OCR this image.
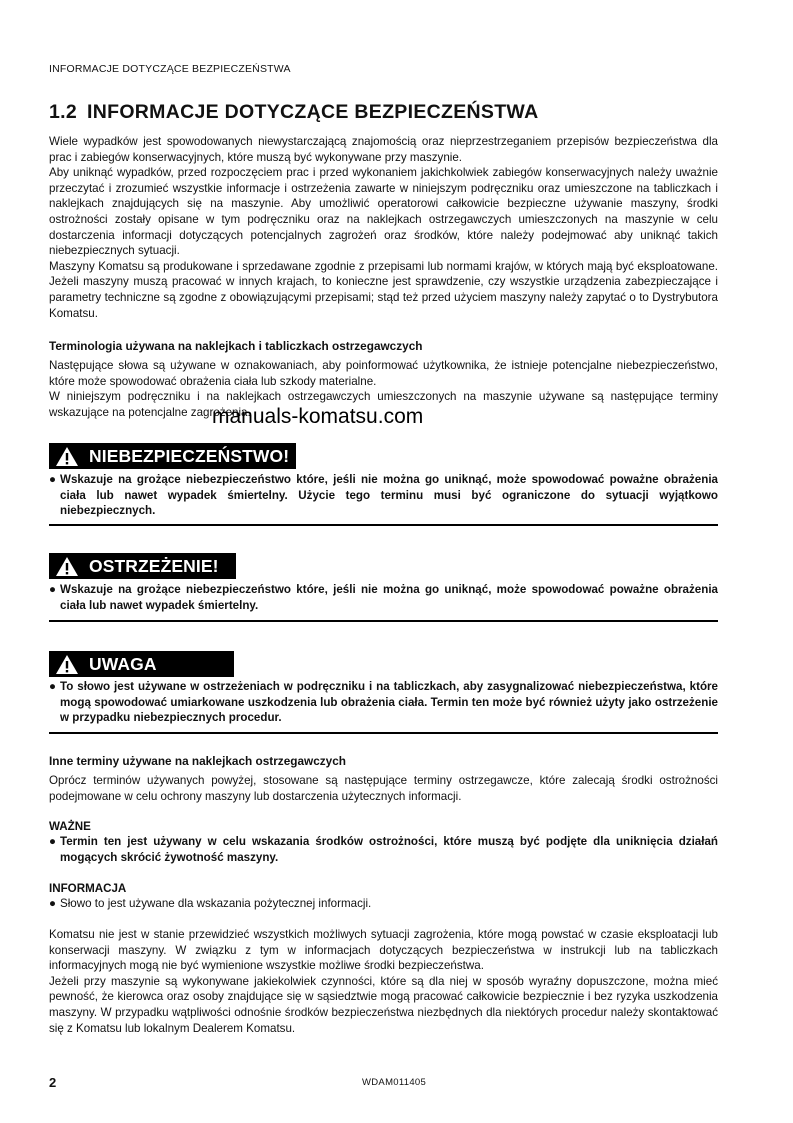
INFORMACJE DOTYCZĄCE BEZPIECZEŃSTWA
1.2 INFORMACJE DOTYCZĄCE BEZPIECZEŃSTWA

Wiele wypadków jest spowodowanych niewystarczającą znajomością oraz nieprzestrzeganiem przepisów bezpieczeństwa dla prac i zabiegów konserwacyjnych, które muszą być wykonywane przy maszynie.

Aby uniknąć wypadków, przed rozpoczęciem prac i przed wykonaniem jakichkolwiek zabiegów konserwacyjnych należy uważnie przeczytać i zrozumieć wszystkie informacje i ostrzeżenia zawarte w niniejszym podręczniku oraz umieszczone na tabliczkach i naklejkach znajdujących się na maszynie. Aby umożliwić operatorowi całkowicie bezpieczne używanie maszyny, środki ostrożności zostały opisane w tym podręczniku oraz na naklejkach ostrzegawczych umieszczonych na maszynie w celu dostarczenia informacji dotyczących potencjalnych zagrożeń oraz środków, które należy podejmować aby uniknąć takich niebezpiecznych sytuacji.

Maszyny Komatsu są produkowane i sprzedawane zgodnie z przepisami lub normami krajów, w których mają być eksploatowane. Jeżeli maszyny muszą pracować w innych krajach, to konieczne jest sprawdzenie, czy wszystkie urządzenia zabezpieczające i parametry techniczne są zgodne z obowiązującymi przepisami; stąd też przed użyciem maszyny należy zapytać o to Dystrybutora Komatsu.

Terminologia używana na naklejkach i tabliczkach ostrzegawczych

Następujące słowa są używane w oznakowaniach, aby poinformować użytkownika, że istnieje potencjalne niebezpieczeństwo, które może spowodować obrażenia ciała lub szkody materialne.

W niniejszym podręczniku i na naklejkach ostrzegawczych umieszczonych na maszynie używane są następujące terminy wskazujące na potencjalne zagrożenia.

manuals-komatsu.com
NIEBEZPIECZEŃSTWO!

● Wskazuje na grożące niebezpieczeństwo które, jeśli nie można go uniknąć, może spowodować poważne obrażenia ciała lub nawet wypadek śmiertelny. Użycie tego terminu musi być ograniczone do sytuacji wyjątkowo niebezpiecznych.

OSTRZEŻENIE!

● Wskazuje na grożące niebezpieczeństwo które, jeśli nie można go uniknąć, może spowodować poważne obrażenia ciała lub nawet wypadek śmiertelny.

UWAGA

● To słowo jest używane w ostrzeżeniach w podręczniku i na tabliczkach, aby zasygnalizować niebezpieczeństwa, które mogą spowodować umiarkowane uszkodzenia lub obrażenia ciała. Termin ten może być również użyty jako ostrzeżenie w przypadku niebezpiecznych procedur.

Inne terminy używane na naklejkach ostrzegawczych

Oprócz terminów używanych powyżej, stosowane są następujące terminy ostrzegawcze, które zalecają środki ostrożności podejmowane w celu ochrony maszyny lub dostarczenia użytecznych informacji.

WAŻNE

● Termin ten jest używany w celu wskazania środków ostrożności, które muszą być podjęte dla uniknięcia działań mogących skrócić żywotność maszyny.

INFORMACJA

● Słowo to jest używane dla wskazania pożytecznej informacji.

Komatsu nie jest w stanie przewidzieć wszystkich możliwych sytuacji zagrożenia, które mogą powstać w czasie eksploatacji lub konserwacji maszyny. W związku z tym w informacjach dotyczących bezpieczeństwa w instrukcji lub na tabliczkach informacyjnych mogą nie być wymienione wszystkie możliwe środki bezpieczeństwa.

Jeżeli przy maszynie są wykonywane jakiekolwiek czynności, które są dla niej w sposób wyraźny dopuszczone, można mieć pewność, że kierowca oraz osoby znajdujące się w sąsiedztwie mogą pracować całkowicie bezpiecznie i bez ryzyka uszkodzenia maszyny. W przypadku wątpliwości odnośnie środków bezpieczeństwa niezbędnych dla niektórych procedur należy skontaktować się z Komatsu lub lokalnym Dealerem Komatsu.

2	WDAM011405
